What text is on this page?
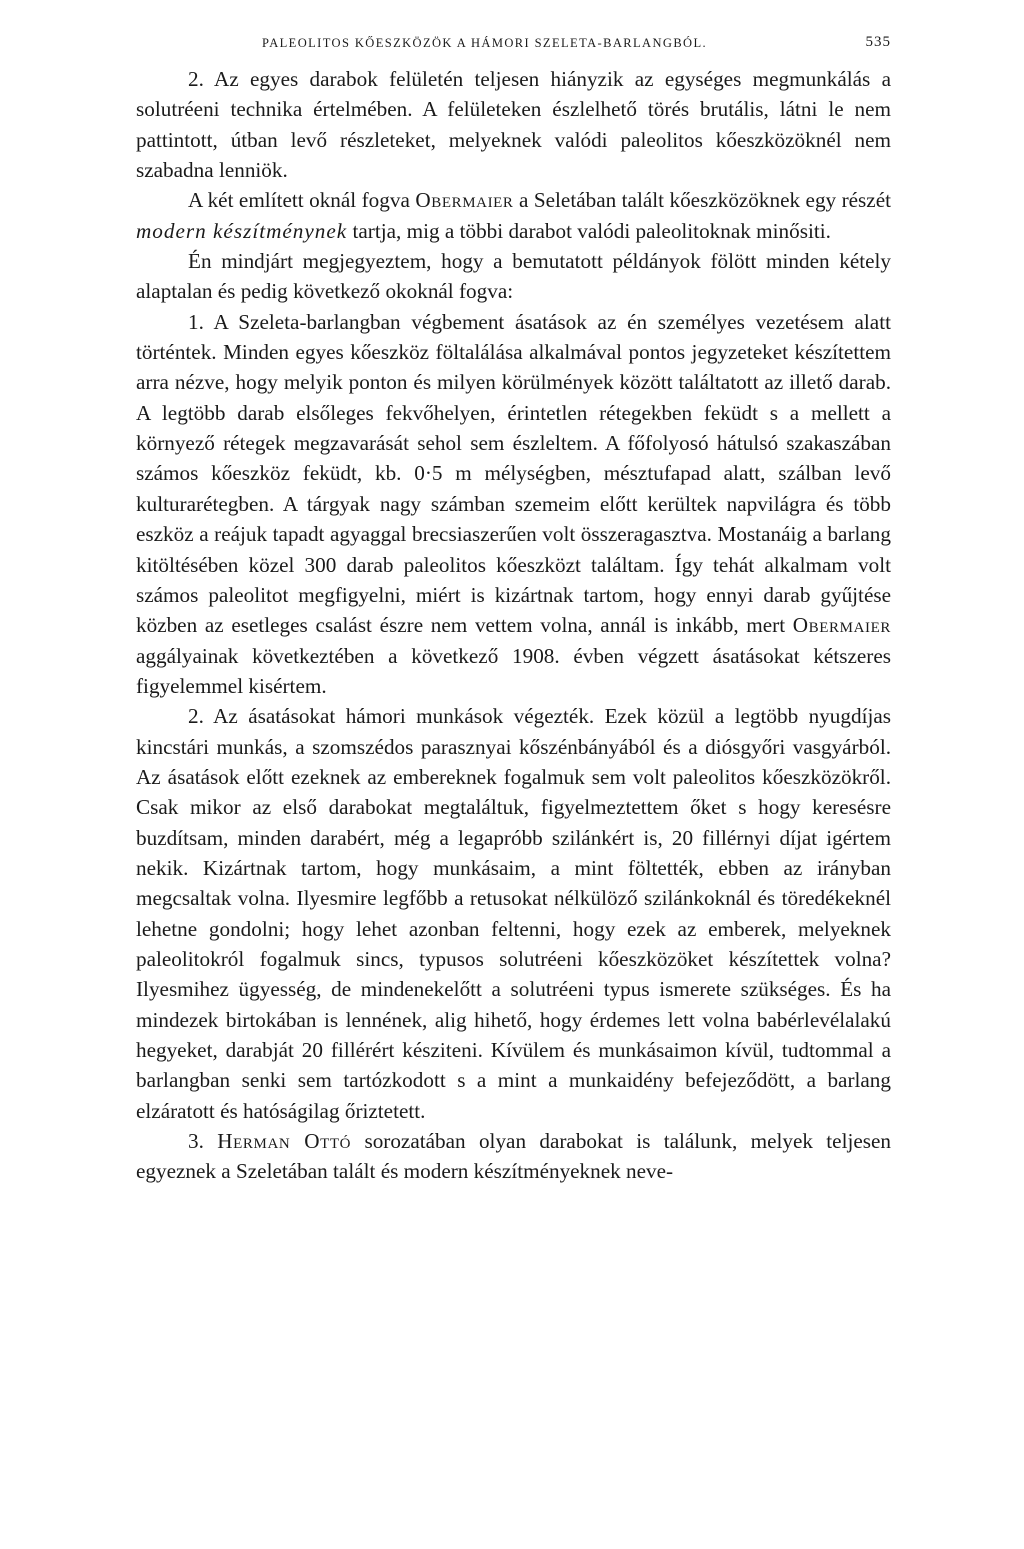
PALEOLITOS KŐESZKÖZÖK A HÁMORI SZELETA-BARLANGBÓL.	535

2. Az egyes darabok felületén teljesen hiányzik az egységes megmunkálás a solutréeni technika értelmében. A felületeken észlelhető törés brutális, látni le nem pattintott, útban levő részleteket, melyeknek valódi paleolitos kőeszközöknél nem szabadna lenniök.

A két említett oknál fogva Obermaier a Seletában talált kőeszközöknek egy részét modern készítménynek tartja, mig a többi darabot valódi paleolitoknak minősiti.

Én mindjárt megjegyeztem, hogy a bemutatott példányok fölött minden kétely alaptalan és pedig következő okoknál fogva:

1. A Szeleta-barlangban végbement ásatások az én személyes vezetésem alatt történtek. Minden egyes kőeszköz föltalálása alkalmával pontos jegyzeteket készítettem arra nézve, hogy melyik ponton és milyen körülmények között találtatott az illető darab. A legtöbb darab elsőleges fekvőhelyen, érintetlen rétegekben feküdt s a mellett a környező rétegek megzavarását sehol sem észleltem. A főfolyosó hátulsó szakaszában számos kőeszköz feküdt, kb. 0·5 m mélységben, mésztufapad alatt, szálban levő kulturarétegben. A tárgyak nagy számban szemeim előtt kerültek napvilágra és több eszköz a reájuk tapadt agyaggal brecsiaszerűen volt összeragasztva. Mostanáig a barlang kitöltésében közel 300 darab paleolitos kőeszközt találtam. Így tehát alkalmam volt számos paleolitot megfigyelni, miért is kizártnak tartom, hogy ennyi darab gyűjtése közben az esetleges csalást észre nem vettem volna, annál is inkább, mert Obermaier aggályainak következtében a következő 1908. évben végzett ásatásokat kétszeres figyelemmel kisértem.

2. Az ásatásokat hámori munkások végezték. Ezek közül a legtöbb nyugdíjas kincstári munkás, a szomszédos parasznyai kőszénbányából és a diósgyőri vasgyárból. Az ásatások előtt ezeknek az embereknek fogalmuk sem volt paleolitos kőeszközökről. Csak mikor az első darabokat megtaláltuk, figyelmeztettem őket s hogy keresésre buzdítsam, minden darabért, még a legapróbb szilánkért is, 20 fillérnyi díjat igértem nekik. Kizártnak tartom, hogy munkásaim, a mint föltették, ebben az irányban megcsaltak volna. Ilyesmire legfőbb a retusokat nélkülöző szilánkoknál és töredékeknél lehetne gondolni; hogy lehet azonban feltenni, hogy ezek az emberek, melyeknek paleolitokról fogalmuk sincs, typusos solutréeni kőeszközöket készítettek volna? Ilyesmihez ügyesség, de mindenekelőtt a solutréeni typus ismerete szükséges. És ha mindezek birtokában is lennének, alig hihető, hogy érdemes lett volna babérlevélalakú hegyeket, darabját 20 fillérért késziteni. Kívülem és munkásaimon kívül, tudtommal a barlangban senki sem tartózkodott s a mint a munkaidény befejeződött, a barlang elzáratott és hatóságilag őriztetett.

3. Herman Ottó sorozatában olyan darabokat is találunk, melyek teljesen egyeznek a Szeletában talált és modern készítményeknek neve-
